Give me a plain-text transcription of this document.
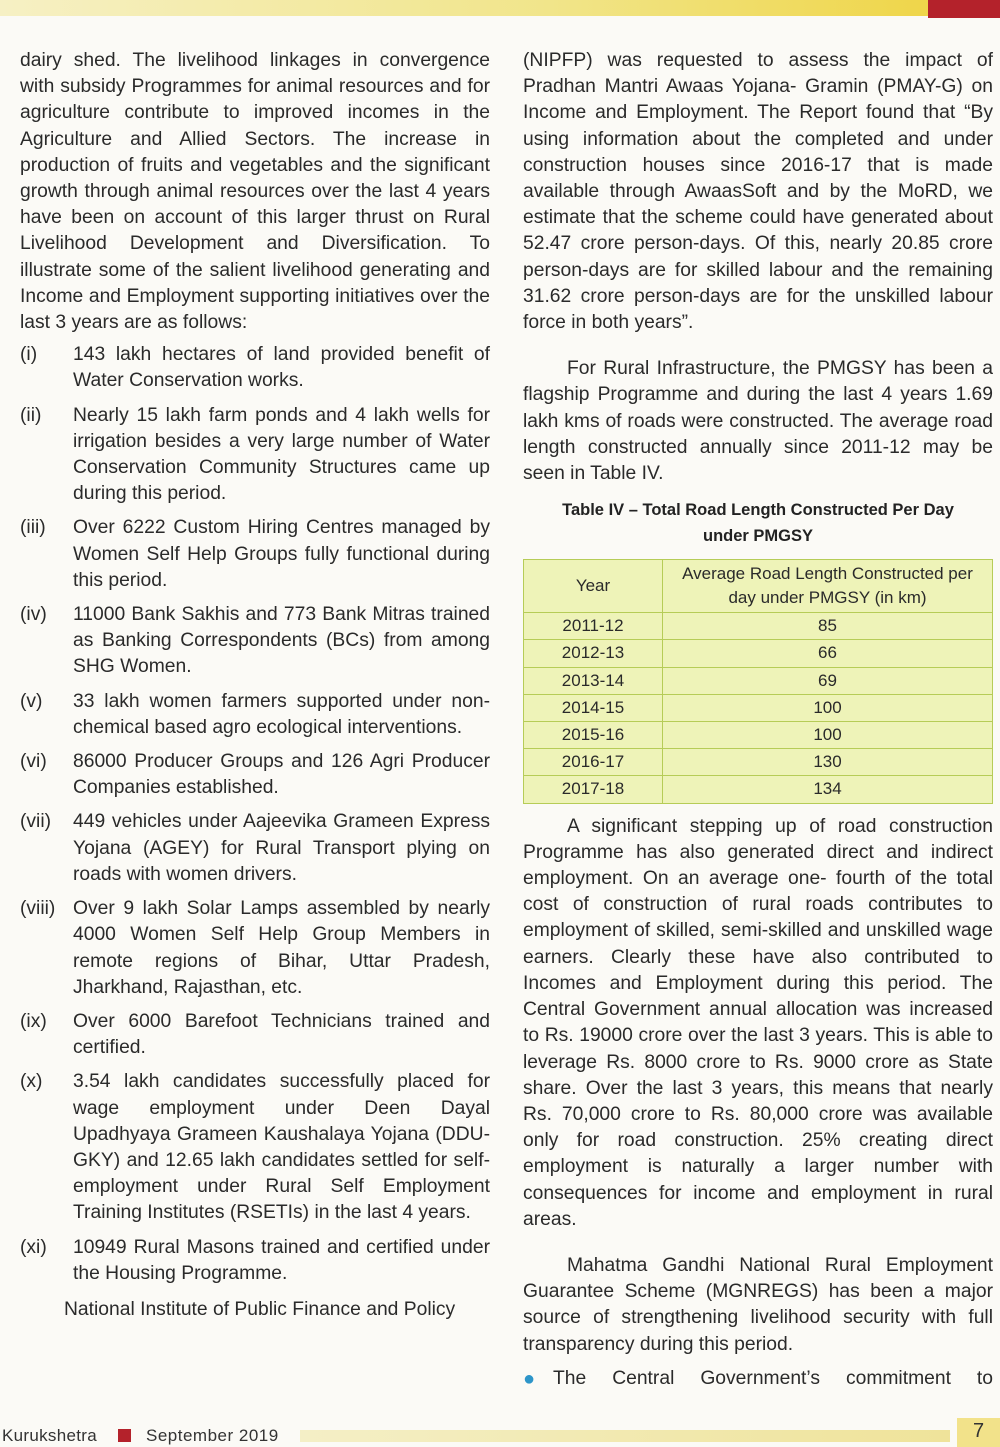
dairy shed. The livelihood linkages in convergence with subsidy Programmes for animal resources and for agriculture contribute to improved incomes in the Agriculture and Allied Sectors. The increase in production of fruits and vegetables and the significant growth through animal resources over the last 4 years have been on account of this larger thrust on Rural Livelihood Development and Diversification. To illustrate some of the salient livelihood generating and Income and Employment supporting initiatives over the last 3 years are as follows:

(i)	143 lakh hectares of land provided benefit of Water Conservation works.
(ii)	Nearly 15 lakh farm ponds and 4 lakh wells for irrigation besides a very large number of Water Conservation Community Structures came up during this period.
(iii)	Over 6222 Custom Hiring Centres managed by Women Self Help Groups fully functional during this period.
(iv)	11000 Bank Sakhis and 773 Bank Mitras trained as Banking Correspondents (BCs) from among SHG Women.
(v)	33 lakh women farmers supported under non-chemical based agro ecological interventions.
(vi)	86000 Producer Groups and 126 Agri Producer Companies established.
(vii)	449 vehicles under Aajeevika Grameen Express Yojana (AGEY) for Rural Transport plying on roads with women drivers.
(viii) Over 9 lakh Solar Lamps assembled by nearly 4000 Women Self Help Group Members in remote regions of Bihar, Uttar Pradesh, Jharkhand, Rajasthan, etc.
(ix)	Over 6000 Barefoot Technicians trained and certified.
(x)	3.54 lakh candidates successfully placed for wage employment under Deen Dayal Upadhyaya Grameen Kaushalaya Yojana (DDU-GKY) and 12.65 lakh candidates settled for self- employment under Rural Self Employment Training Institutes (RSETIs) in the last 4 years.
(xi)	10949 Rural Masons trained and certified under the Housing Programme.

National Institute of Public Finance and Policy

(NIPFP) was requested to assess the impact of Pradhan Mantri Awaas Yojana- Gramin (PMAY-G) on Income and Employment. The Report found that “By using information about the completed and under construction houses since 2016-17 that is made available through AwaasSoft and by the MoRD, we estimate that the scheme could have generated about 52.47 crore person-days. Of this, nearly 20.85 crore person-days are for skilled labour and the remaining 31.62 crore person-days are for the unskilled labour force in both years”.

For Rural Infrastructure, the PMGSY has been a flagship Programme and during the last 4 years 1.69 lakh kms of roads were constructed. The average road length constructed annually since 2011-12 may be seen in Table IV.

Table IV – Total Road Length Constructed Per Day
under PMGSY
Year	Average Road Length Constructed per day under PMGSY (in km)
2011-12	85
2012-13	66
2013-14	69
2014-15	100
2015-16	100
2016-17	130
2017-18	134

A significant stepping up of road construction Programme has also generated direct and indirect employment. On an average one- fourth of the total cost of construction of rural roads contributes to employment of skilled, semi-skilled and unskilled wage earners. Clearly these have also contributed to Incomes and Employment during this period. The Central Government annual allocation was increased to Rs. 19000 crore over the last 3 years. This is able to leverage Rs. 8000 crore to Rs. 9000 crore as State share. Over the last 3 years, this means that nearly Rs. 70,000 crore to Rs. 80,000 crore was available only for road construction. 25% creating direct employment is naturally a larger number with consequences for income and employment in rural areas.

Mahatma Gandhi National Rural Employment Guarantee Scheme (MGNREGS) has been a major source of strengthening livelihood security with full transparency during this period.

● The Central Government’s commitment to
Kurukshetra	September 2019	7
